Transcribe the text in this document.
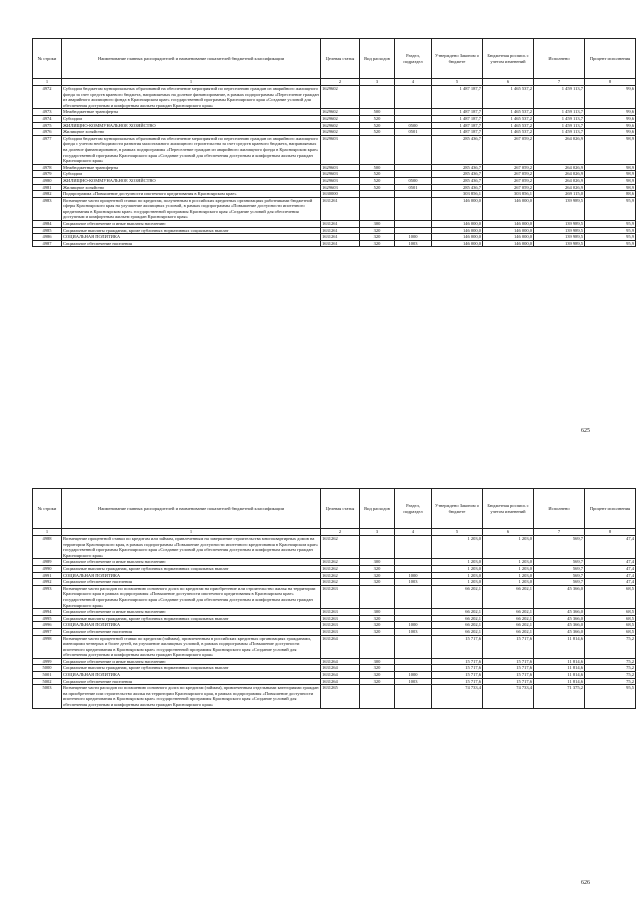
№ строки	Наименование главных распорядителей и наименование показателей бюджетной классификации	Целевая статья	Вид расходов	Раздел, подраздел	Утверждено Законом о бюджете	Бюджетная роспись с учетом изменений	Исполнено	Процент исполнения
1	1	2	3	4	5	6	7	8
4972	Субсидии бюджетам муниципальных образований на обеспечение мероприятий по переселению граждан из аварийного жилищного фонда за счет средств краевого бюджета, направляемых на долевое финансирование, в рамках подпрограммы «Переселение граждан из аварийного жилищного фонда в Красноярском крае» государственной программы Красноярского края «Создание условий для обеспечения доступным и комфортным жильем граждан Красноярского края»	1629602			1 487 187,7	1 465 537,2	1 459 113,7	99,6
4973	Межбюджетные трансферты	1629602	500		1 487 187,7	1 465 537,2	1 459 113,7	99,6
4974	Субсидии	1629602	520		1 487 187,7	1 465 537,2	1 459 113,7	99,6
4975	ЖИЛИЩНО-КОММУНАЛЬНОЕ ХОЗЯЙСТВО	1629602	520	0500	1 487 187,7	1 465 537,2	1 459 113,7	99,6
4976	Жилищное хозяйство	1629602	520	0501	1 487 187,7	1 465 537,2	1 459 113,7	99,6
4977	Субсидии бюджетам муниципальных образований на обеспечение мероприятий по переселению граждан из аварийного жилищного фонда с учетом необходимости развития малоэтажного жилищного строительства за счет средств краевого бюджета, направляемых на долевое финансирование, в рамках подпрограммы «Переселение граждан из аварийного жилищного фонда в Красноярском крае» государственной программы Красноярского края «Создание условий для обеспечения доступным и комфортным жильем граждан Красноярского края»	1629603			285 436,7	267 059,2	264 026,9	98,9
4978	Межбюджетные трансферты	1629603	500		285 436,7	267 059,2	264 026,9	98,9
4979	Субсидии	1629603	520		285 436,7	267 059,2	264 026,9	98,9
4980	ЖИЛИЩНО-КОММУНАЛЬНОЕ ХОЗЯЙСТВО	1629603	520	0500	285 436,7	267 059,2	264 026,9	98,9
4981	Жилищное хозяйство	1629603	520	0501	285 436,7	267 059,2	264 026,9	98,9
4982	Подпрограмма «Повышение доступности ипотечного кредитования в Красноярском крае»	1630000			303 856,1	303 856,1	269 115,0	88,6
4983	Возмещение части процентной ставки по кредитам, полученным в российских кредитных организациях работниками бюджетной сферы Красноярского края на улучшение жилищных условий, в рамках подпрограммы «Повышение доступности ипотечного кредитования в Красноярском крае» государственной программы Красноярского края «Создание условий для обеспечения доступным и комфортным жильем граждан Красноярского края»	1631261			146 000,0	146 000,0	139 989,5	95,9
4984	Социальное обеспечение и иные выплаты населению	1631261	300		146 000,0	146 000,0	139 989,5	95,9
4985	Социальные выплаты гражданам, кроме публичных нормативных социальных выплат	1631261	320		146 000,0	146 000,0	139 989,5	95,9
4986	СОЦИАЛЬНАЯ ПОЛИТИКА	1631261	320	1000	146 000,0	146 000,0	139 989,5	95,9
4987	Социальное обеспечение населения	1631261	320	1003	146 000,0	146 000,0	139 989,5	95,9
625
№ строки	Наименование главных распорядителей и наименование показателей бюджетной классификации	Целевая статья	Вид расходов	Раздел, подраздел	Утверждено Законом о бюджете	Бюджетная роспись с учетом изменений	Исполнено	Процент исполнения
1	1	2	3	4	5	6	7	8
4988	Возмещение процентной ставки по кредитам или займам, привлеченным на завершение строительства многоквартирных домов на территории Красноярского края, в рамках подпрограммы «Повышение доступности ипотечного кредитования в Красноярском крае» государственной программы Красноярского края «Создание условий для обеспечения доступным и комфортным жильем граждан Красноярского края»	1631262			1 203,0	1 203,0	569,7	47,4
4989	Социальное обеспечение и иные выплаты населению	1631262	300		1 203,0	1 203,0	569,7	47,4
4990	Социальные выплаты гражданам, кроме публичных нормативных социальных выплат	1631262	320		1 203,0	1 203,0	569,7	47,4
4991	СОЦИАЛЬНАЯ ПОЛИТИКА	1631262	320	1000	1 203,0	1 203,0	569,7	47,4
4992	Социальное обеспечение населения	1631262	320	1003	1 203,0	1 203,0	569,7	47,4
4993	Возмещение части расходов по погашению основного долга по кредитам на приобретение или строительство жилья на территории Красноярского края в рамках подпрограммы «Повышение доступности ипотечного кредитования в Красноярском крае» государственной программы Красноярского края «Создание условий для обеспечения доступным и комфортным жильем граждан Красноярского края»	1631263			66 202,1	66 202,1	45 366,0	68,5
4994	Социальное обеспечение и иные выплаты населению	1631263	300		66 202,1	66 202,1	45 366,0	68,5
4995	Социальные выплаты гражданам, кроме публичных нормативных социальных выплат	1631263	320		66 202,1	66 202,1	45 366,0	68,5
4996	СОЦИАЛЬНАЯ ПОЛИТИКА	1631263	320	1000	66 202,1	66 202,1	45 366,0	68,5
4997	Социальное обеспечение населения	1631263	320	1003	66 202,1	66 202,1	45 366,0	68,5
4998	Возмещение части процентной ставки по кредитам (займам), привлеченным в российских кредитных организациях гражданами, имеющими четверых и более детей, на улучшение жилищных условий, в рамках подпрограммы «Повышение доступности ипотечного кредитования в Красноярском крае» государственной программы Красноярского края «Создание условий для обеспечения доступным и комфортным жильем граждан Красноярского края»	1631264			15 717,6	15 717,6	11 814,6	75,2
4999	Социальное обеспечение и иные выплаты населению	1631264	300		15 717,6	15 717,6	11 814,6	75,2
5000	Социальные выплаты гражданам, кроме публичных нормативных социальных выплат	1631264	320		15 717,6	15 717,6	11 814,6	75,2
5001	СОЦИАЛЬНАЯ ПОЛИТИКА	1631264	320	1000	15 717,6	15 717,6	11 814,6	75,2
5002	Социальное обеспечение населения	1631264	320	1003	15 717,6	15 717,6	11 814,6	75,2
5003	Возмещение части расходов по погашению основного долга по кредитам (займам), привлеченным отдельными категориями граждан на приобретение или строительство жилья на территории Красноярского края, в рамках подпрограммы «Повышение доступности ипотечного кредитования в Красноярском крае» государственной программы Красноярского края «Создание условий для обеспечения доступным и комфортным жильем граждан Красноярского края»	1631265			74 733,4	74 733,4	71 375,2	95,5
626
